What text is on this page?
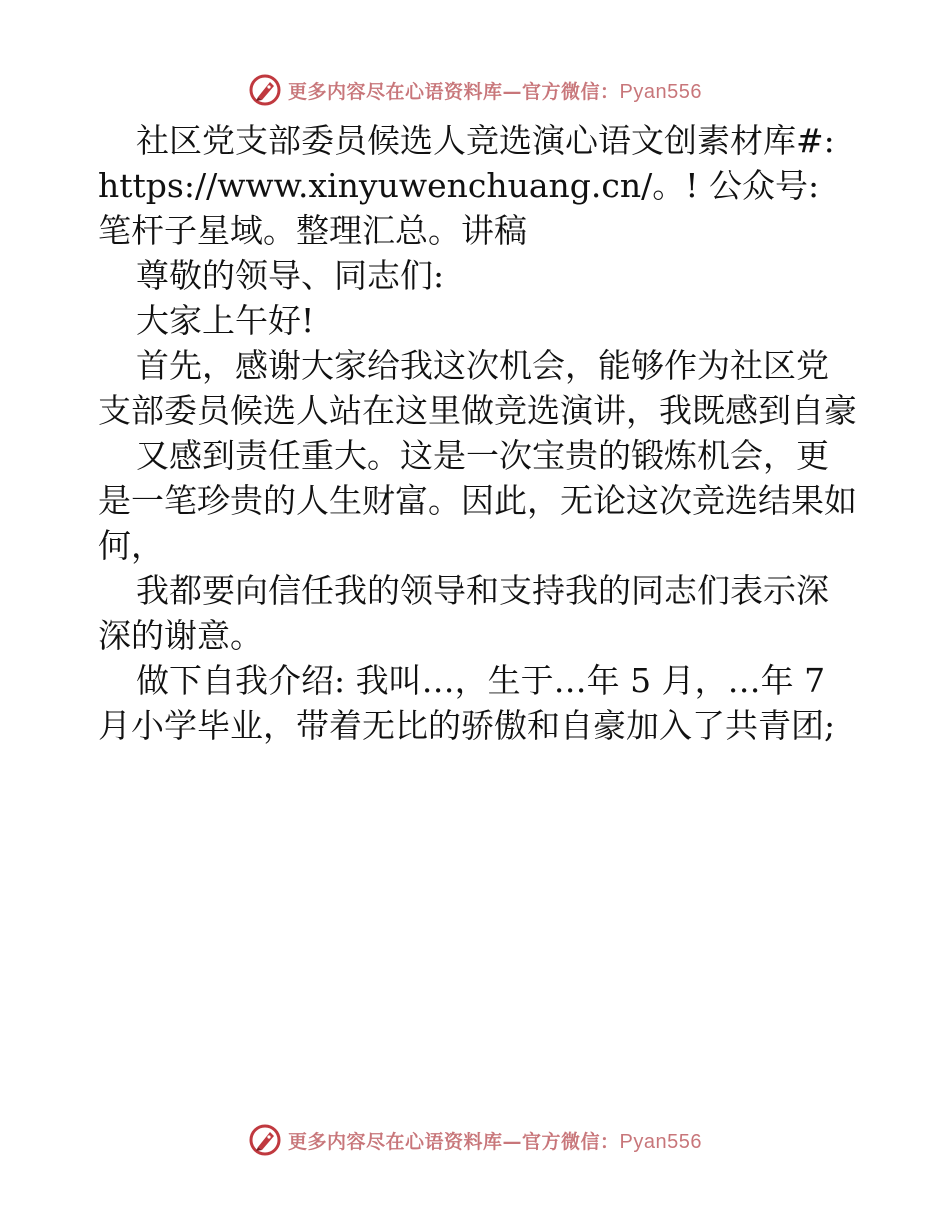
更多内容尽在心语资料库—官方微信：Pyan556

社区党支部委员候选人竞选演心语文创素材库#: https://www.xinyuwenchuang.cn/。! 公众号: 笔杆子星域。整理汇总。讲稿

尊敬的领导、同志们:

大家上午好!

首先，感谢大家给我这次机会，能够作为社区党支部委员候选人站在这里做竞选演讲，我既感到自豪

又感到责任重大。这是一次宝贵的锻炼机会，更是一笔珍贵的人生财富。因此，无论这次竞选结果如何，

我都要向信任我的领导和支持我的同志们表示深深的谢意。

做下自我介绍: 我叫…，生于…年 5 月，…年 7 月小学毕业，带着无比的骄傲和自豪加入了共青团;

更多内容尽在心语资料库—官方微信：Pyan556
